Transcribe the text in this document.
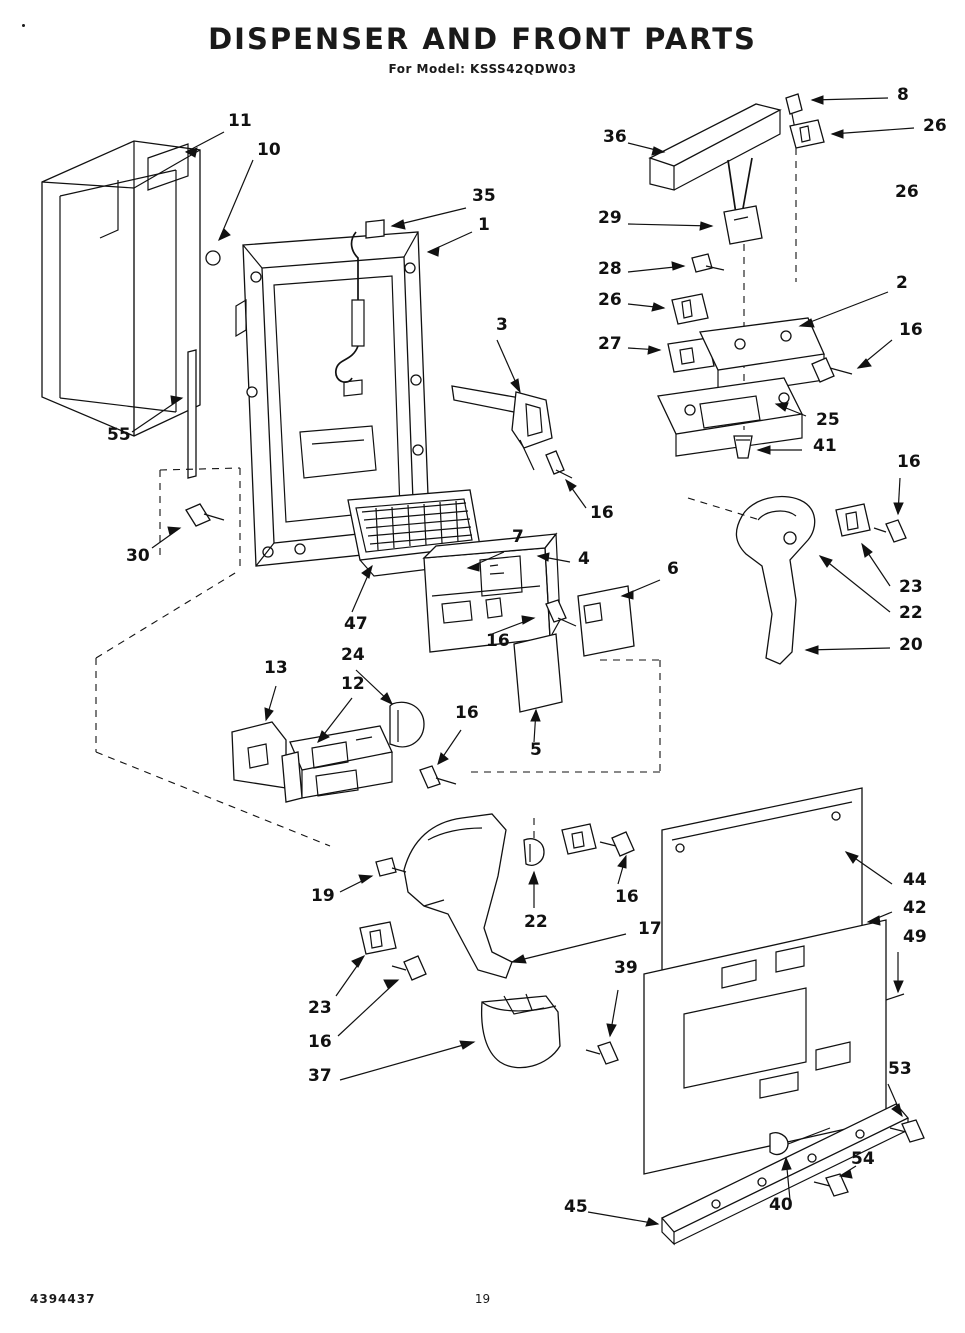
DISPENSER AND FRONT PARTS
For Model: KSSS42QDW03
11
10
36
8
26
35
1
26
29
28
26
2
27
16
3
25
41
55
16
16
30
23
22
7
4	6
47
16	20
13
24
12
16
5
19
22
16
17
44
42
49
23
16
39
53
37
54
40
45
4394437	19
